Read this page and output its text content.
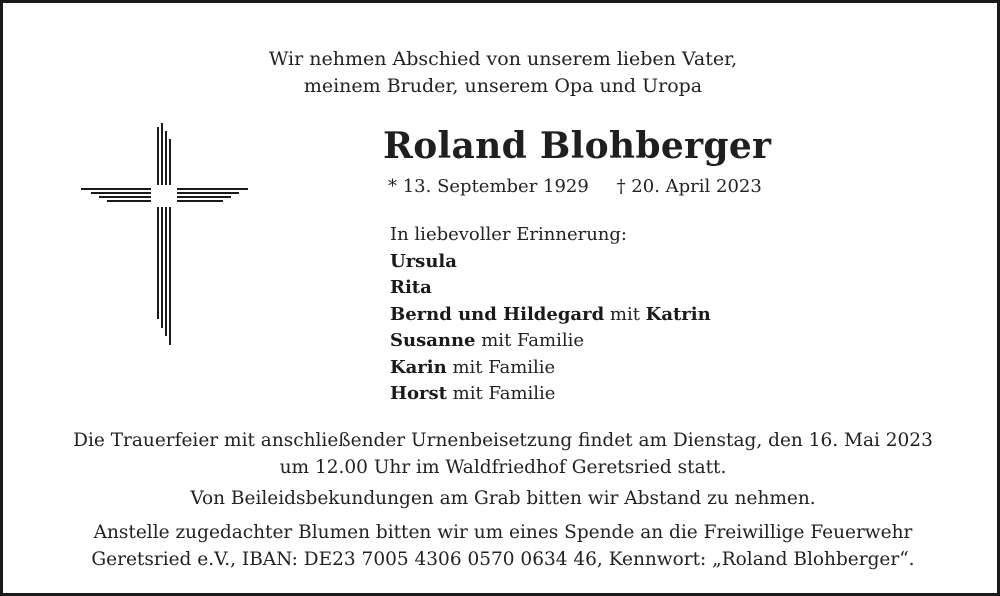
Wir nehmen Abschied von unserem lieben Vater,
meinem Bruder, unserem Opa und Uropa
Roland Blohberger
* 13. September 1929 † 20. April 2023
In liebevoller Erinnerung:
Ursula
Rita
Bernd und Hildegard mit Katrin
Susanne mit Familie
Karin mit Familie
Horst mit Familie
Die Trauerfeier mit anschließender Urnenbeisetzung findet am Dienstag, den 16. Mai 2023
um 12.00 Uhr im Waldfriedhof Geretsried statt.
Von Beileidsbekundungen am Grab bitten wir Abstand zu nehmen.
Anstelle zugedachter Blumen bitten wir um eines Spende an die Freiwillige Feuerwehr
Geretsried e.V., IBAN: DE23 7005 4306 0570 0634 46, Kennwort: „Roland Blohberger“.
